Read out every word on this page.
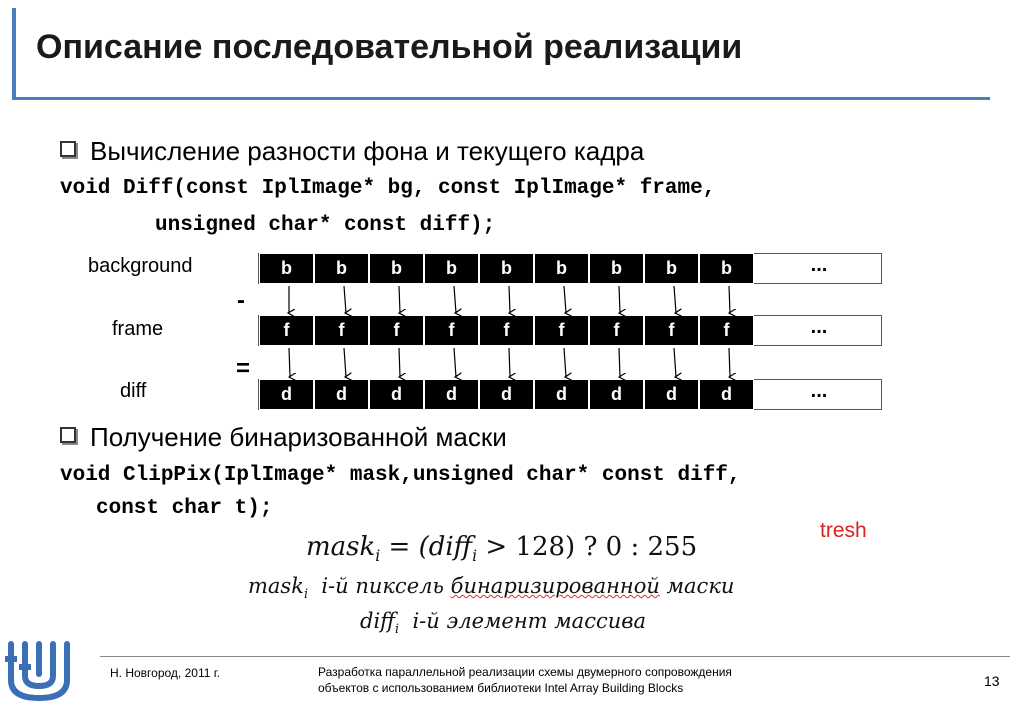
Описание последовательной реализации
Вычисление разности фона и текущего кадра
void Diff(const IplImage* bg, const IplImage* frame,
unsigned char* const diff);
background
frame
diff
-
=
b	b	b	b	b	b	b	b	b	...
f	f	f	f	f	f	f	f	f	...
d	d	d	d	d	d	d	d	d	...
Получение бинаризованной маски
void ClipPix(IplImage* mask,unsigned char* const diff,
const char t);
tresh
mask$_i$ = (diff$_i$ > 128) ? 0 : 255
mask$_i$ i-й пиксель бинаризированной маски
diff$_i$ i-й элемент массива
Н. Новгород, 2011 г.	Разработка параллельной реализации схемы двумерного сопровождения
объектов с использованием библиотеки Intel Array Building Blocks	13
